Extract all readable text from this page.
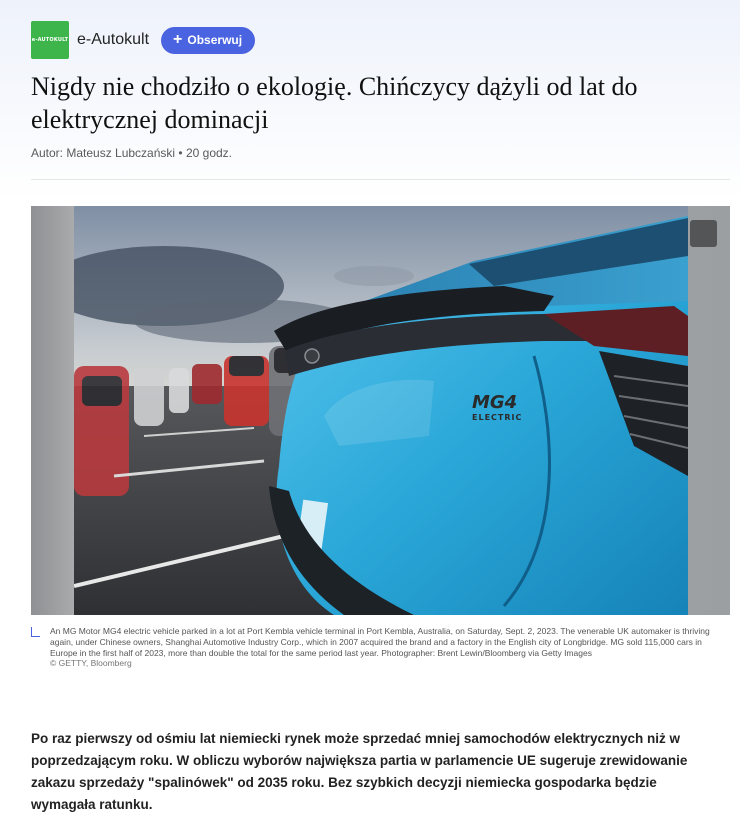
e-AUTOKULT e-Autokult + Obserwuj
Nigdy nie chodziło o ekologię. Chińczycy dążyli od lat do elektrycznej dominacji
Autor: Mateusz Lubczański • 20 godz.
MG4
ELECTRIC
An MG Motor MG4 electric vehicle parked in a lot at Port Kembla vehicle terminal in Port Kembla, Australia, on Saturday, Sept. 2, 2023. The venerable UK automaker is thriving again, under Chinese owners, Shanghai Automotive Industry Corp., which in 2007 acquired the brand and a factory in the English city of Longbridge. MG sold 115,000 cars in Europe in the first half of 2023, more than double the total for the same period last year. Photographer: Brent Lewin/Bloomberg via Getty Images
© GETTY, Bloomberg

Po raz pierwszy od ośmiu lat niemiecki rynek może sprzedać mniej samochodów elektrycznych niż w poprzedzającym roku. W obliczu wyborów największa partia w parlamencie UE sugeruje zrewidowanie zakazu sprzedaży "spalinówek" od 2035 roku. Bez szybkich decyzji niemiecka gospodarka będzie wymagała ratunku.
